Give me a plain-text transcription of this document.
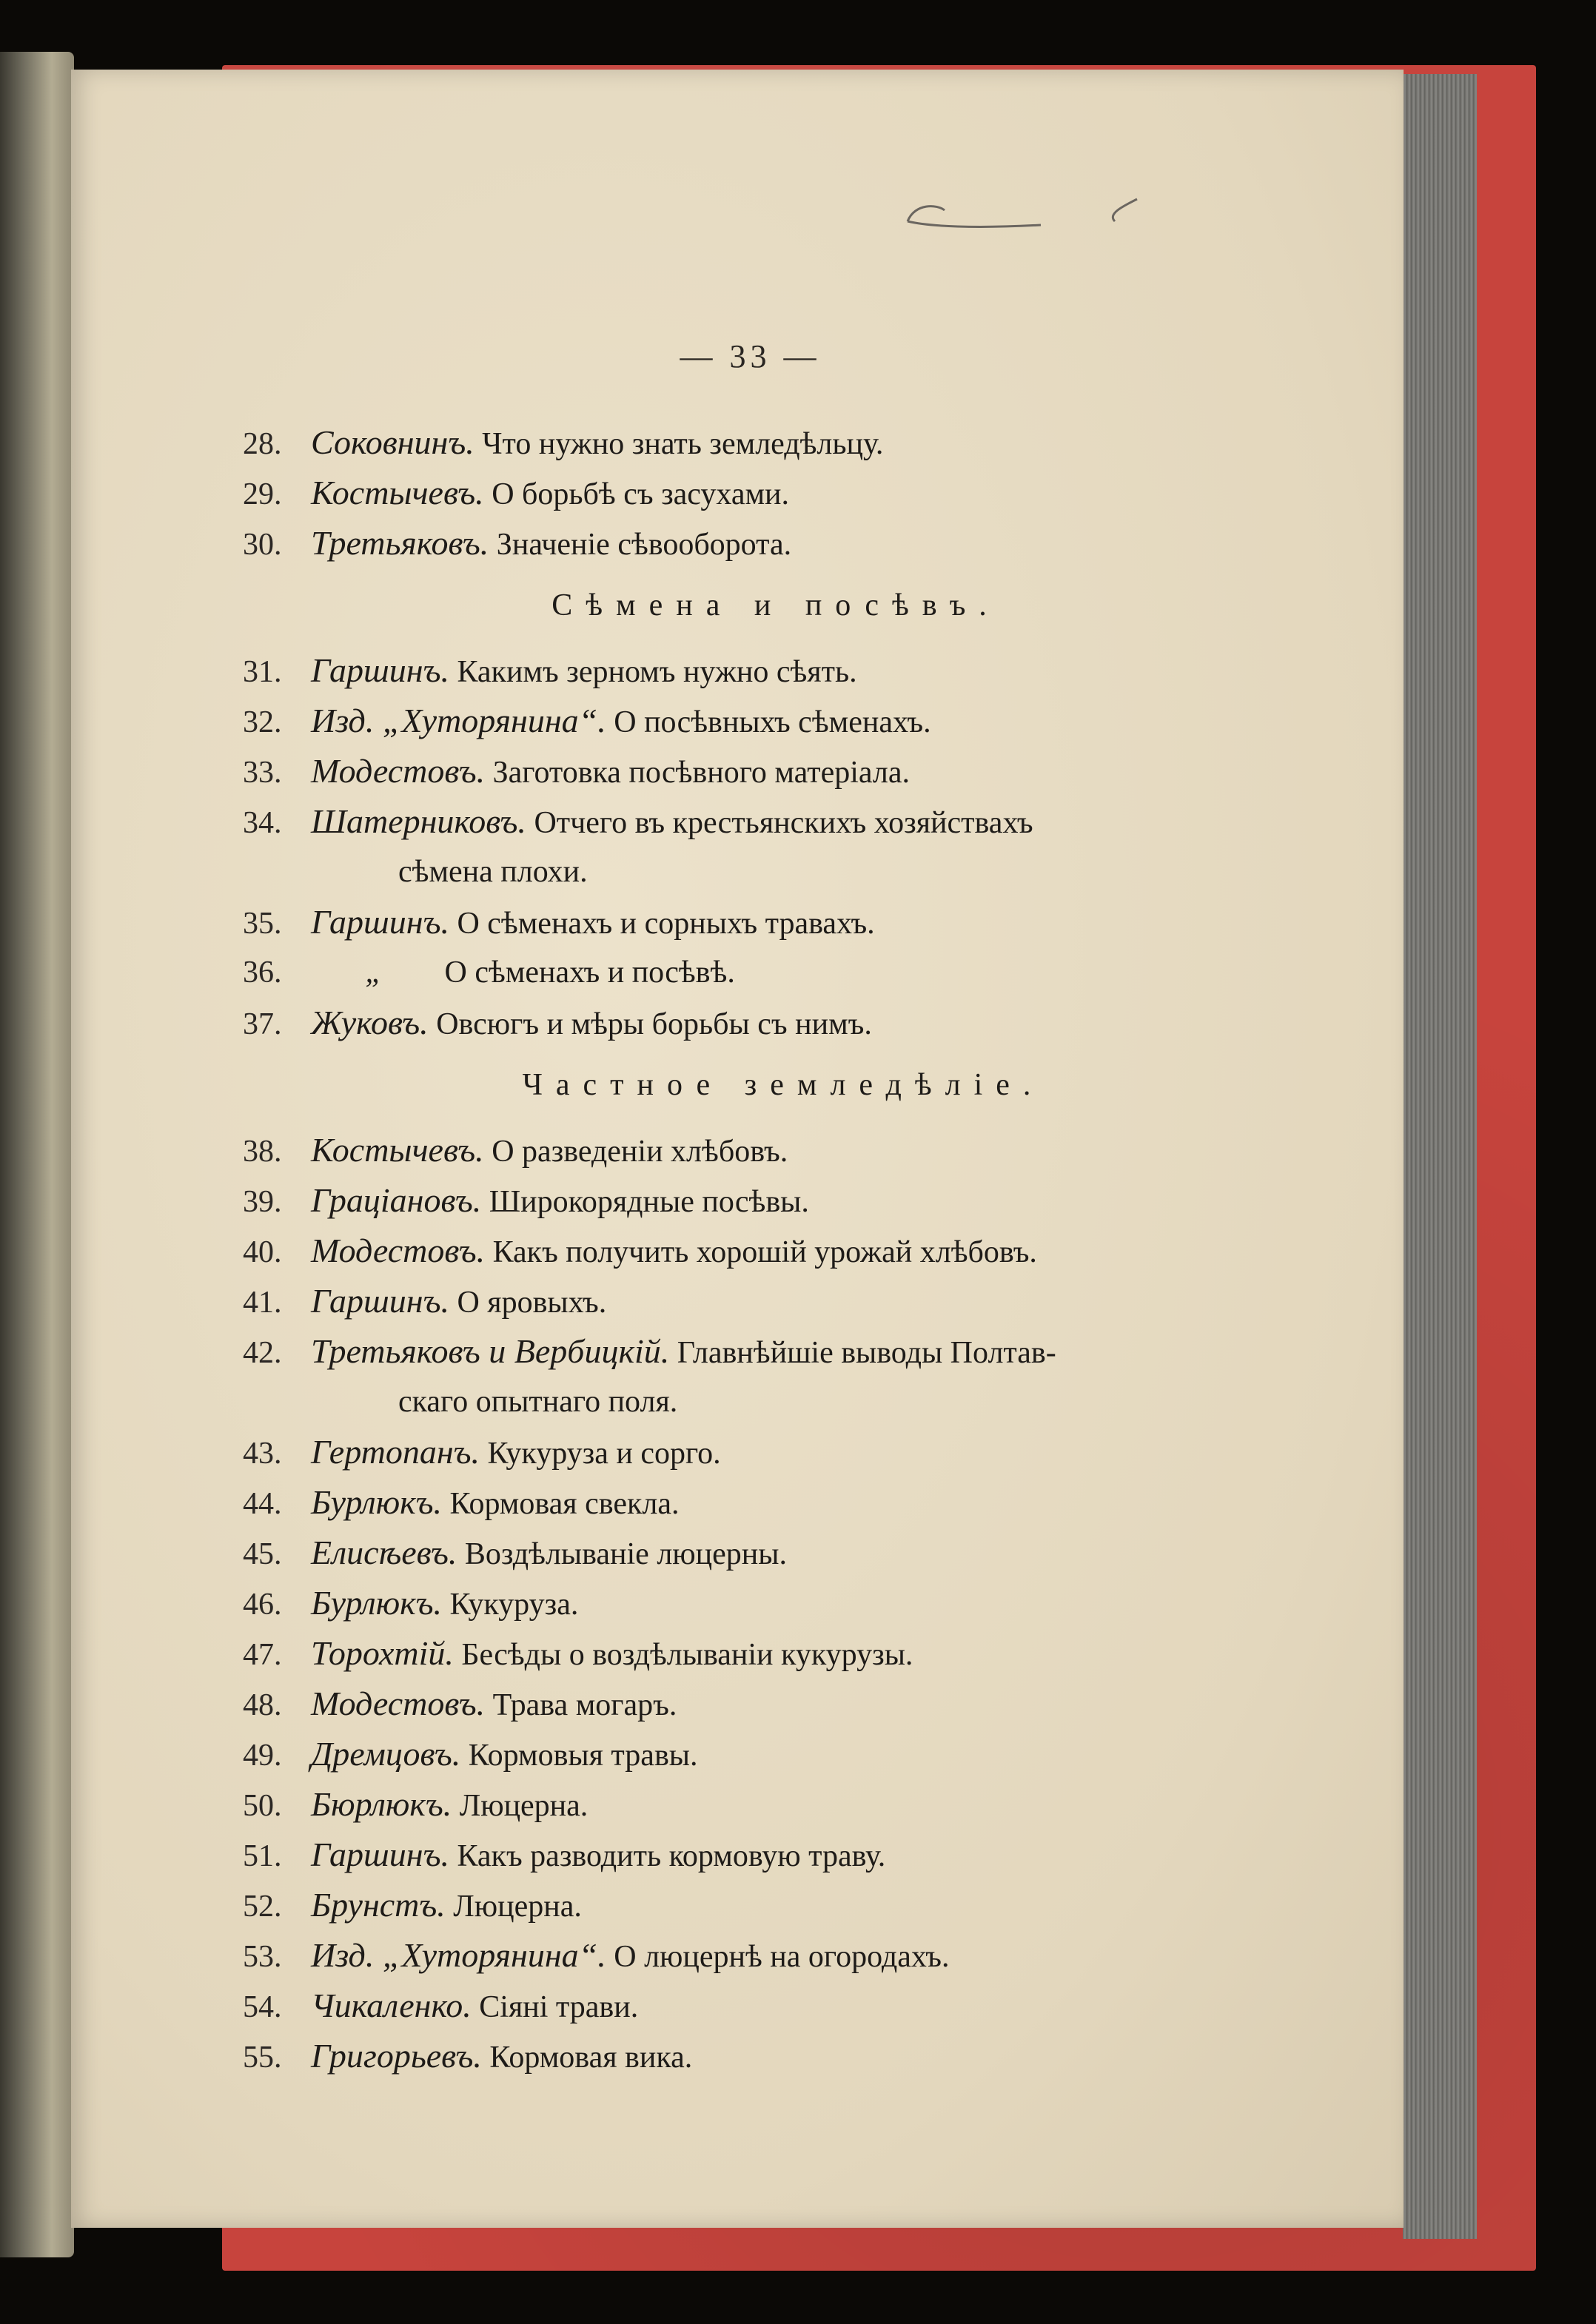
— 33 —
28. Соковнинъ. Что нужно знать земледѣльцу.
29. Костычевъ. О борьбѣ съ засухами.
30. Третьяковъ. Значеніе сѣвооборота.
Сѣмена и посѣвъ.
31. Гаршинъ. Какимъ зерномъ нужно сѣять.
32. Изд. „Хуторянина“. О посѣвныхъ сѣменахъ.
33. Модестовъ. Заготовка посѣвного матеріала.
34. Шатерниковъ. Отчего въ крестьянскихъ хозяйствахъ
сѣмена плохи.
35. Гаршинъ. О сѣменахъ и сорныхъ травахъ.
36.	„ О сѣменахъ и посѣвѣ.
37. Жуковъ. Овсюгъ и мѣры борьбы съ нимъ.
Частное земледѣліе.
38. Костычевъ. О разведеніи хлѣбовъ.
39. Граціановъ. Широкорядные посѣвы.
40. Модестовъ. Какъ получить хорошій урожай хлѣбовъ.
41. Гаршинъ. О яровыхъ.
42. Третьяковъ и Вербицкій. Главнѣйшіе выводы Полтав-
скаго опытнаго поля.
43. Гертопанъ. Кукуруза и сорго.
44. Бурлюкъ. Кормовая свекла.
45. Елисѣевъ. Воздѣлываніе люцерны.
46. Бурлюкъ. Кукуруза.
47. Торохтій. Бесѣды о воздѣлываніи кукурузы.
48. Модестовъ. Трава могаръ.
49. Дремцовъ. Кормовыя травы.
50. Бюрлюкъ. Люцерна.
51. Гаршинъ. Какъ разводить кормовую траву.
52. Брунстъ. Люцерна.
53. Изд. „Хуторянина“. О люцернѣ на огородахъ.
54. Чикаленко. Сіяні трави.
55. Григорьевъ. Кормовая вика.
